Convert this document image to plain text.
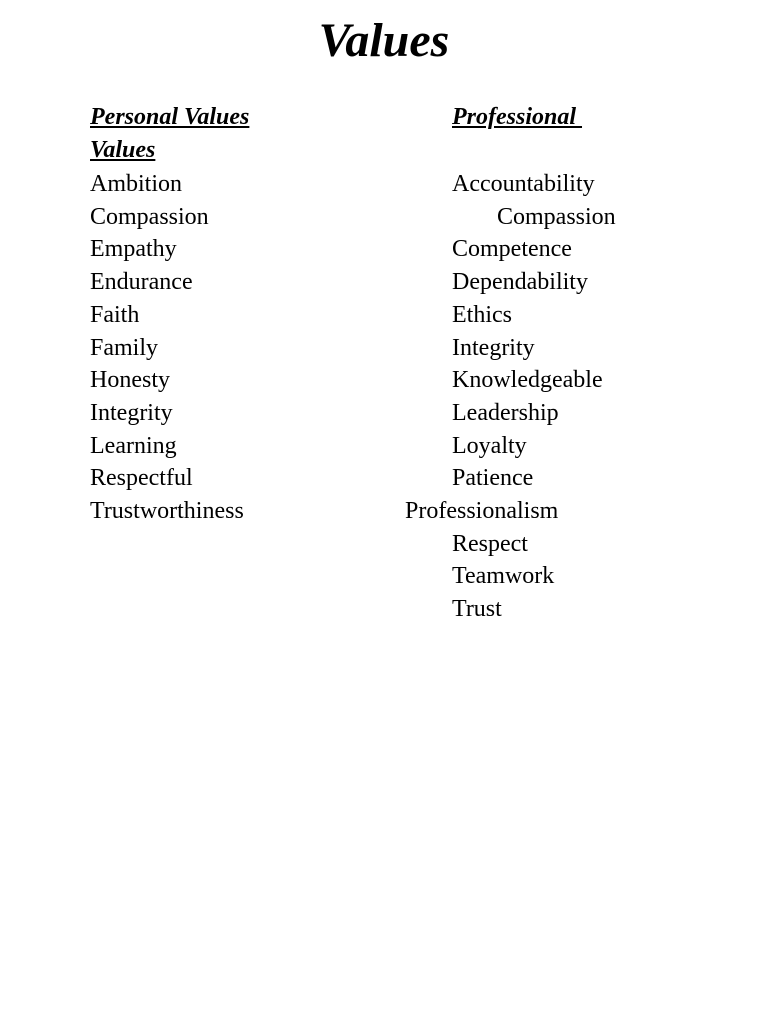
Values
Personal Values	Professional
Values
Ambition
Compassion
Empathy
Endurance
Faith
Family
Honesty
Integrity
Learning
Respectful
Trustworthiness
Accountability
Compassion
Competence
Dependability
Ethics
Integrity
Knowledgeable
Leadership
Loyalty
Patience
Professionalism
Respect
Teamwork
Trust
